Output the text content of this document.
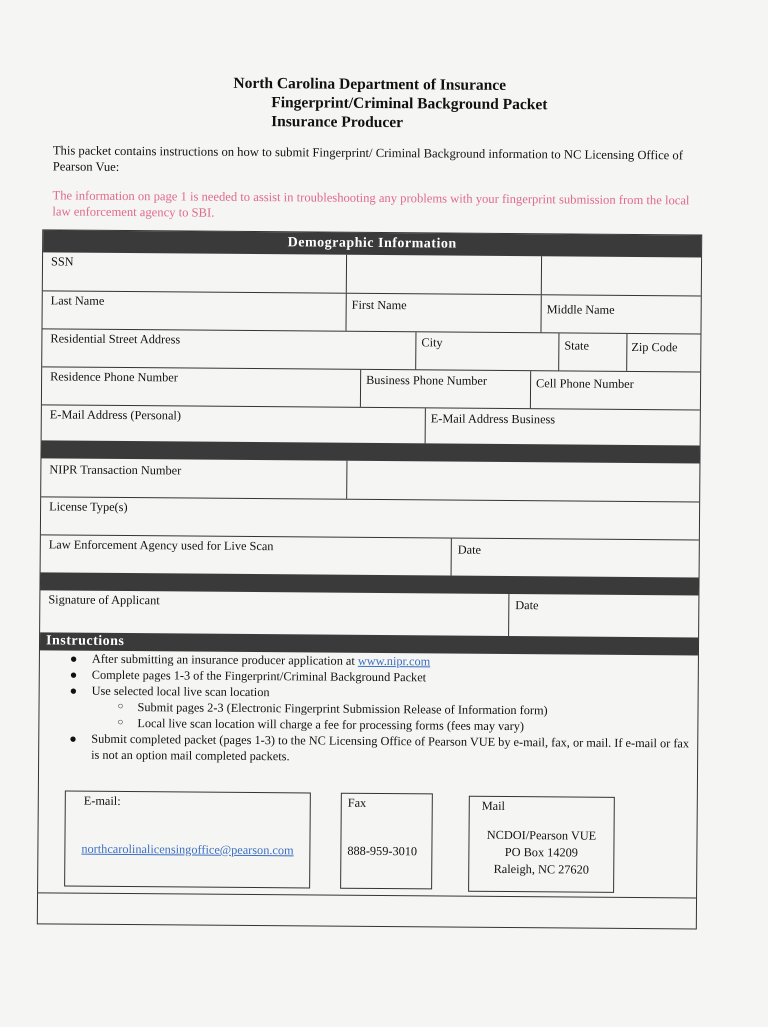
North Carolina Department of Insurance
Fingerprint/Criminal Background Packet
Insurance Producer
This packet contains instructions on how to submit Fingerprint/ Criminal Background information to NC Licensing Office of Pearson Vue:
The information on page 1 is needed to assist in troubleshooting any problems with your fingerprint submission from the local law enforcement agency to SBI.
Demographic Information
SSN
Last Name	First Name	Middle Name
Residential Street Address	City	State	Zip Code
Residence Phone Number	Business Phone Number	Cell Phone Number
E-Mail Address (Personal)	E-Mail Address Business
NIPR Transaction Number
License Type(s)
Law Enforcement Agency used for Live Scan	Date
Signature of Applicant	Date
Instructions
● After submitting an insurance producer application at www.nipr.com
● Complete pages 1-3 of the Fingerprint/Criminal Background Packet
● Use selected local live scan location
○ Submit pages 2-3 (Electronic Fingerprint Submission Release of Information form)
○ Local live scan location will charge a fee for processing forms (fees may vary)
● Submit completed packet (pages 1-3) to the NC Licensing Office of Pearson VUE by e-mail, fax, or mail. If e-mail or fax is not an option mail completed packets.
E-mail:
northcarolinalicensingoffice@pearson.com
Fax
888-959-3010
Mail
NCDOI/Pearson VUE
PO Box 14209
Raleigh, NC 27620
